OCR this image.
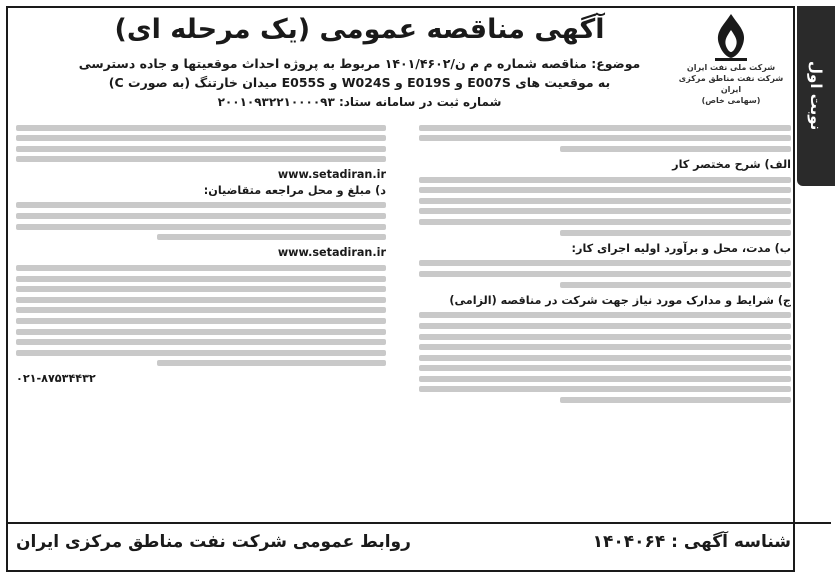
نوبت اول
شرکت ملی نفت ایران
شرکت نفت مناطق مرکزی ایران
(سهامی خاص)
آگهی مناقصه عمومی (یک مرحله ای)
موضوع: مناقصه شماره م م ن/۱۴۰۱/۴۶۰۲ مربوط به پروژه احداث موقعیتها و جاده دسترسی
به موقعیت های E007S و E019S و W024S و E055S میدان خارتنگ (به صورت C)
شماره ثبت در سامانه ستاد: ۲۰۰۱۰۹۳۲۲۱۰۰۰۰۹۳

الف) شرح مختصر کار

ب) مدت، محل و برآورد اولیه اجرای کار:

ج) شرایط و مدارک مورد نیاز جهت شرکت در مناقصه (الزامی)

www.setadiran.ir

د) مبلغ و محل مراجعه متقاضیان:

www.setadiran.ir

۰۲۱-۸۷۵۳۴۴۳۲

شناسه آگهی : ۱۴۰۴۰۶۴
روابط عمومی شرکت نفت مناطق مرکزی ایران
